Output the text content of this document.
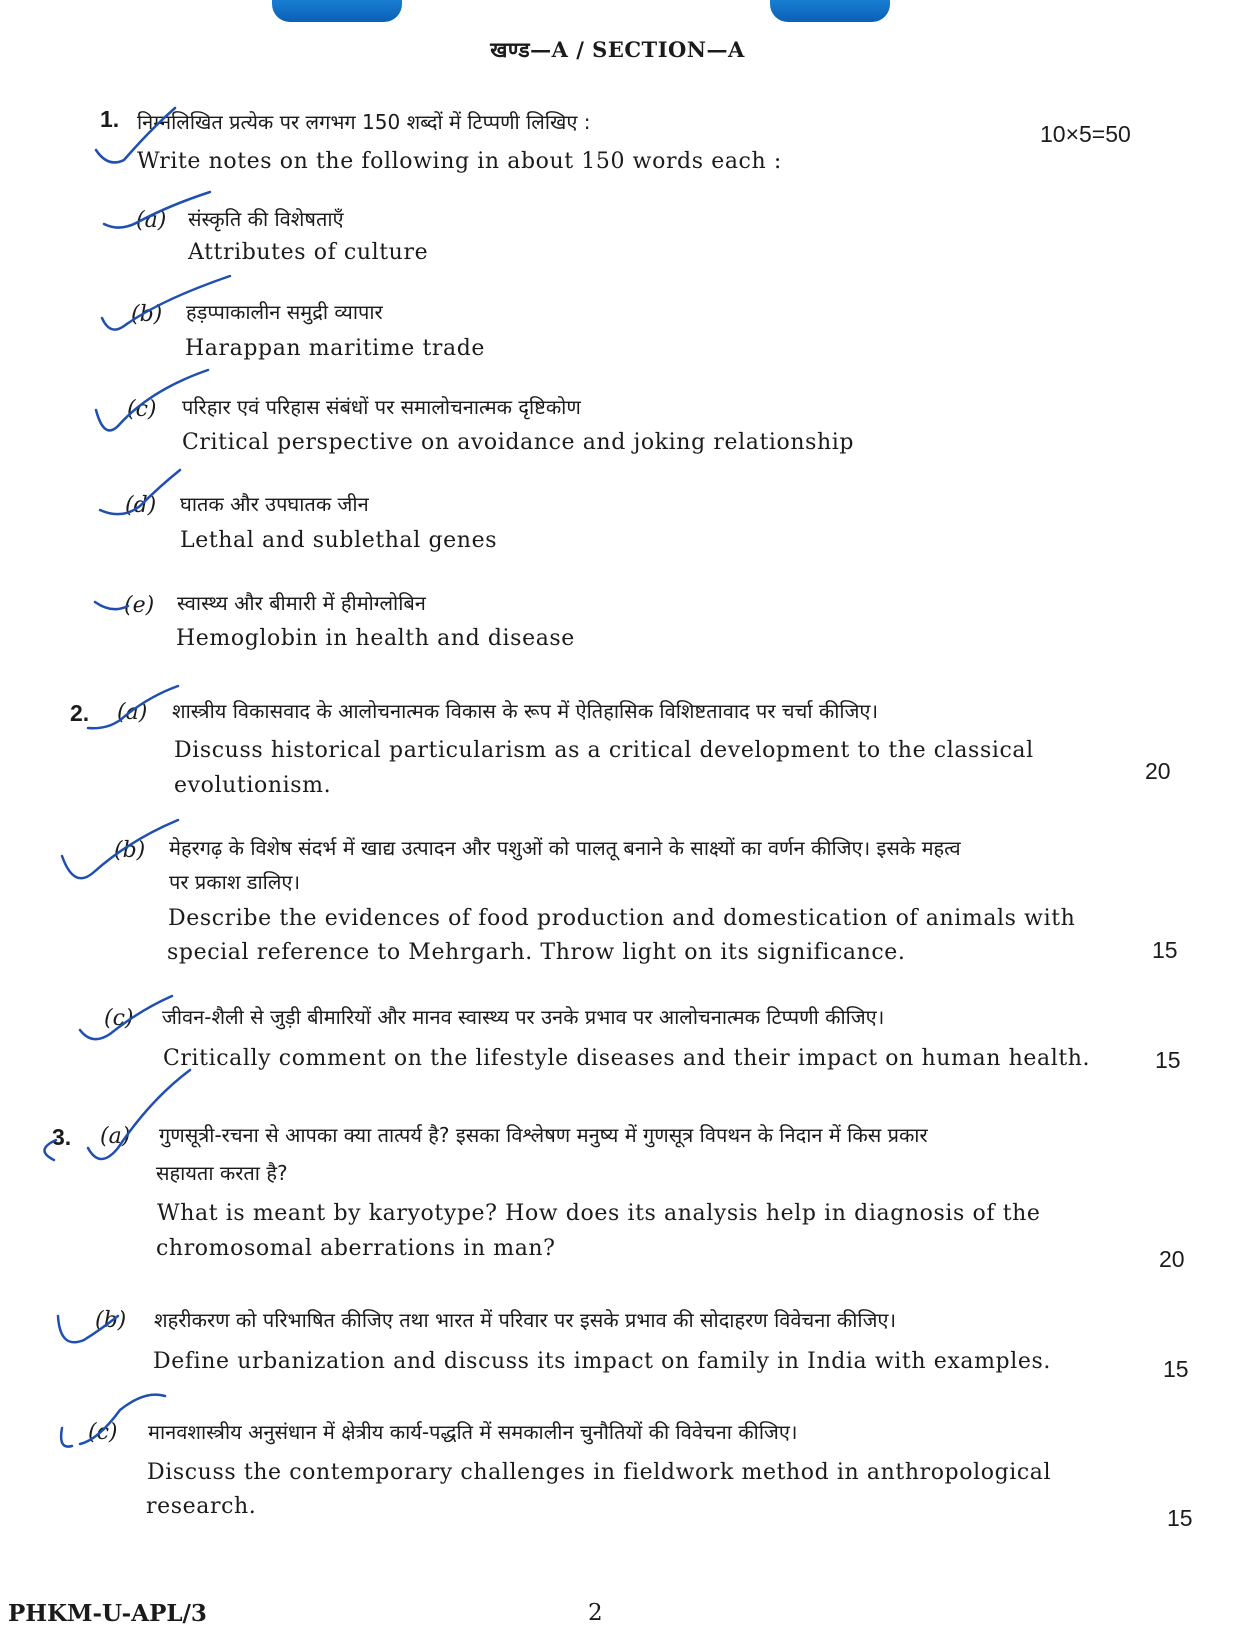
खण्ड—A / SECTION—A
1. निम्नलिखित प्रत्येक पर लगभग 150 शब्दों में टिप्पणी लिखिए :
Write notes on the following in about 150 words each :
10×5=50
(a) संस्कृति की विशेषताएँ
Attributes of culture
(b) हड़प्पाकालीन समुद्री व्यापार
Harappan maritime trade
(c) परिहार एवं परिहास संबंधों पर समालोचनात्मक दृष्टिकोण
Critical perspective on avoidance and joking relationship
(d) घातक और उपघातक जीन
Lethal and sublethal genes
(e) स्वास्थ्य और बीमारी में हीमोग्लोबिन
Hemoglobin in health and disease
2. (a) शास्त्रीय विकासवाद के आलोचनात्मक विकास के रूप में ऐतिहासिक विशिष्टतावाद पर चर्चा कीजिए।
Discuss historical particularism as a critical development to the classical
evolutionism.
20
(b) मेहरगढ़ के विशेष संदर्भ में खाद्य उत्पादन और पशुओं को पालतू बनाने के साक्ष्यों का वर्णन कीजिए। इसके महत्व
पर प्रकाश डालिए।
Describe the evidences of food production and domestication of animals with
special reference to Mehrgarh. Throw light on its significance.	15
(c) जीवन-शैली से जुड़ी बीमारियों और मानव स्वास्थ्य पर उनके प्रभाव पर आलोचनात्मक टिप्पणी कीजिए।
Critically comment on the lifestyle diseases and their impact on human health.	15
3. (a) गुणसूत्री-रचना से आपका क्या तात्पर्य है? इसका विश्लेषण मनुष्य में गुणसूत्र विपथन के निदान में किस प्रकार
सहायता करता है?
What is meant by karyotype? How does its analysis help in diagnosis of the
chromosomal aberrations in man?	20
(b) शहरीकरण को परिभाषित कीजिए तथा भारत में परिवार पर इसके प्रभाव की सोदाहरण विवेचना कीजिए।
Define urbanization and discuss its impact on family in India with examples.	15
(c) मानवशास्त्रीय अनुसंधान में क्षेत्रीय कार्य-पद्धति में समकालीन चुनौतियों की विवेचना कीजिए।
Discuss the contemporary challenges in fieldwork method in anthropological
research.	15
PHKM-U-APL/3	2
